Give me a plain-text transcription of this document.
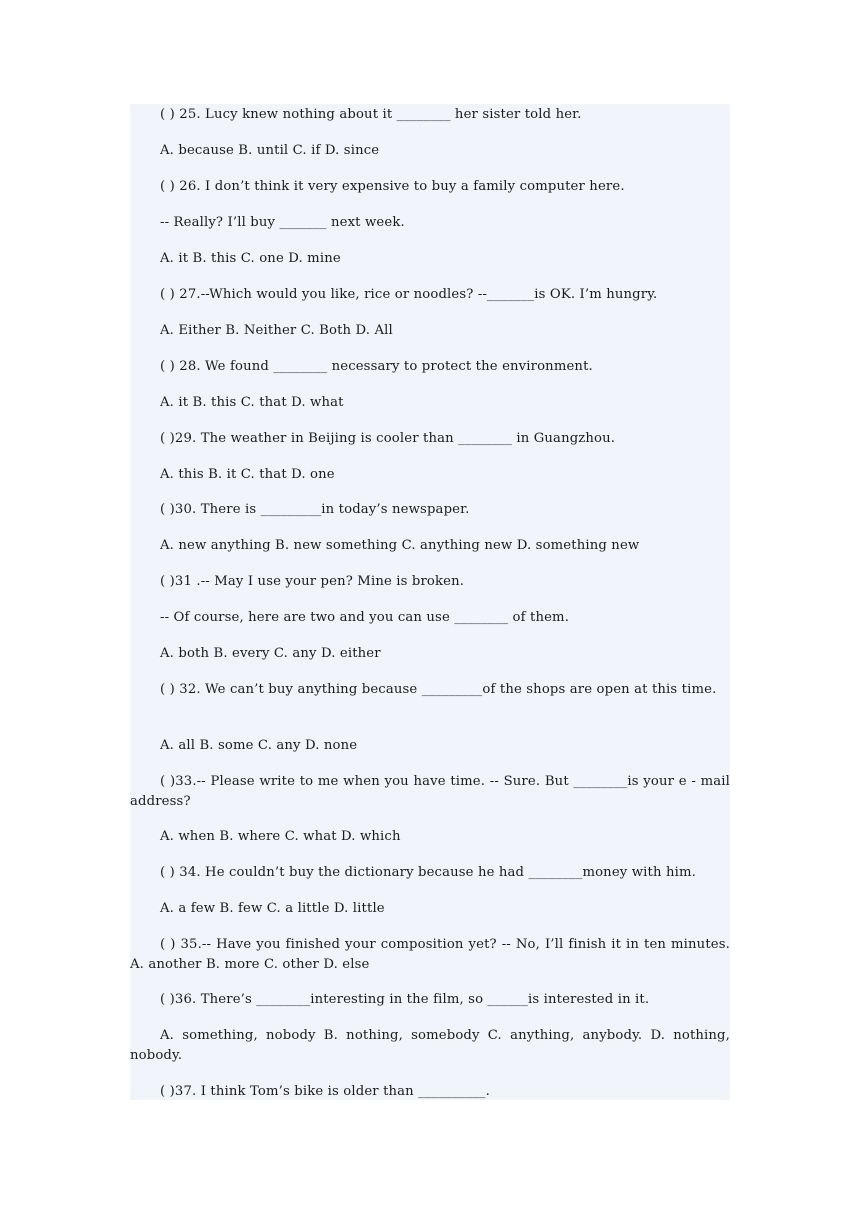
( ) 25. Lucy knew nothing about it ________ her sister told her.
A. because B. until C. if D. since
( ) 26. I don’t think it very expensive to buy a family computer here.
-- Really? I’ll buy _______ next week.
A. it B. this C. one D. mine
( ) 27.--Which would you like, rice or noodles? --_______is OK. I’m hungry.
A. Either B. Neither C. Both D. All
( ) 28. We found ________ necessary to protect the environment.
A. it B. this C. that D. what
( )29. The weather in Beijing is cooler than ________ in Guangzhou.
A. this B. it C. that D. one
( )30. There is _________in today’s newspaper.
A. new anything B. new something C. anything new D. something new
( )31 .-- May I use your pen? Mine is broken.
-- Of course, here are two and you can use ________ of them.
A. both B. every C. any D. either
( ) 32. We can’t buy anything because _________of the shops are open at this time.
A. all B. some C. any D. none
( )33.-- Please write to me when you have time. -- Sure. But ________is your e - mail address?
A. when B. where C. what D. which
( ) 34. He couldn’t buy the dictionary because he had ________money with him.
A. a few B. few C. a little D. little
( ) 35.-- Have you finished your composition yet? -- No, I’ll finish it in ten minutes. A. another B. more C. other D. else
( )36. There’s ________interesting in the film, so ______is interested in it.
A. something, nobody B. nothing, somebody C. anything, anybody. D. nothing, nobody.
( )37. I think Tom’s bike is older than __________.
